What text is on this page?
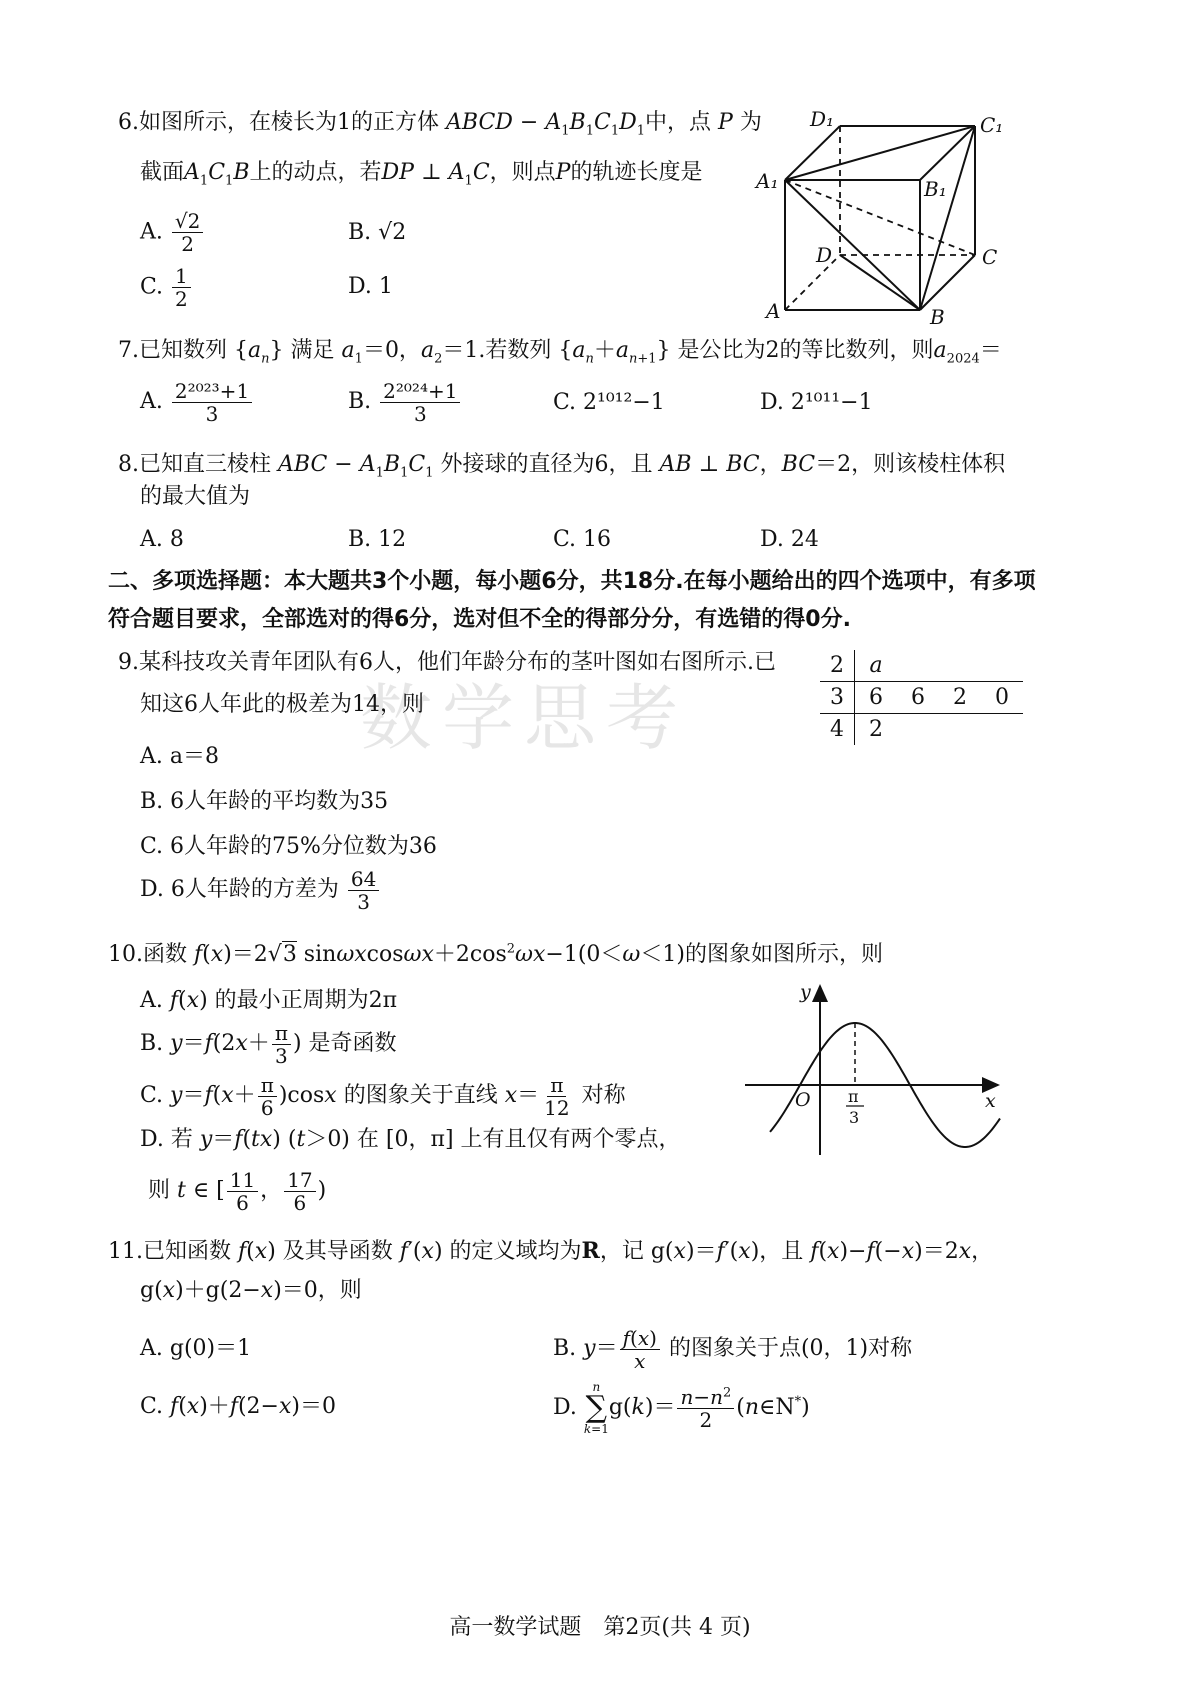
6.如图所示，在棱长为1的正方体 ABCD − $A_1B_1C_1D_1$中，点 P 为
截面$A_1C_1B$上的动点，若DP ⊥ $A_1C$，则点P的轨迹长度是
A. $\frac{√2}{2}$	B. √2
C. $\frac{1}{2}$	D. 1
D₁	C₁
A₁	B₁
D	C
A	B
7.已知数列 $\{a_n\}$ 满足 $a_1=0$，$a_2=1$.若数列 $\{a_n+a_{n+1}\}$ 是公比为2的等比数列，则$a_{2024}=$
A. $\frac{\text{2²⁰²³+1}}{3}$	B. $\frac{\text{2²⁰²⁴+1}}{3}$	C. 2¹⁰¹²−1	D. 2¹⁰¹¹−1
8.已知直三棱柱 ABC − $A_1B_1C_1$ 外接球的直径为6，且 AB ⊥ BC，BC＝2，则该棱柱体积
的最大值为
A. 8	B. 12	C. 16	D. 24
二、多项选择题：本大题共3个小题，每小题6分，共18分.在每小题给出的四个选项中，有多项
符合题目要求，全部选对的得6分，选对但不全的得部分分，有选错的得0分.
数学思考
9.某科技攻关青年团队有6人，他们年龄分布的茎叶图如右图所示.已
知这6人年此的极差为14，则
2	a			
3	6	6	2	0
4	2			
A. a＝8
B. 6人年龄的平均数为35
C. 6人年龄的75%分位数为36
D. 6人年龄的方差为 $\frac{64}{3}$
10.函数 f(x)＝2√3 $\sin\omega xcos\omega x+2\cos^2\omega x-1(0<\omega<1)$的图象如图所示，则
A. f(x) 的最小正周期为2π
B. $y=f(2x+ \frac{\pi}{3}$ ) 是奇函数
C. $y=f(x+ \frac{\pi}{6} )\cos x$ 的图象关于直线 $x= \frac{\pi}{12}$ 对称
D. 若 y＝f(tx) (t＞0) 在 [0，π] 上有且仅有两个零点，
则 t ∈ [ $\frac{11}{6}$ ， $\frac{17}{6}$ )
y
x
O π
3
11.已知函数 f(x) 及其导函数 f′(x) 的定义域均为R，记 g(x)＝f′(x)，且 f(x)−f(−x)＝2x，
g(x)＋g(2−x)＝0，则
A. g(0)＝1	B. $y= \frac{f(x)}{x}$ 的图象关于点(0，1)对称
C. f(x)＋f(2−x)＝0	D.
n
∑
k=1
$g(k)= \frac{n-n^2}{2}$ (n∈N*)
高一数学试题　第2页(共 4 页)
